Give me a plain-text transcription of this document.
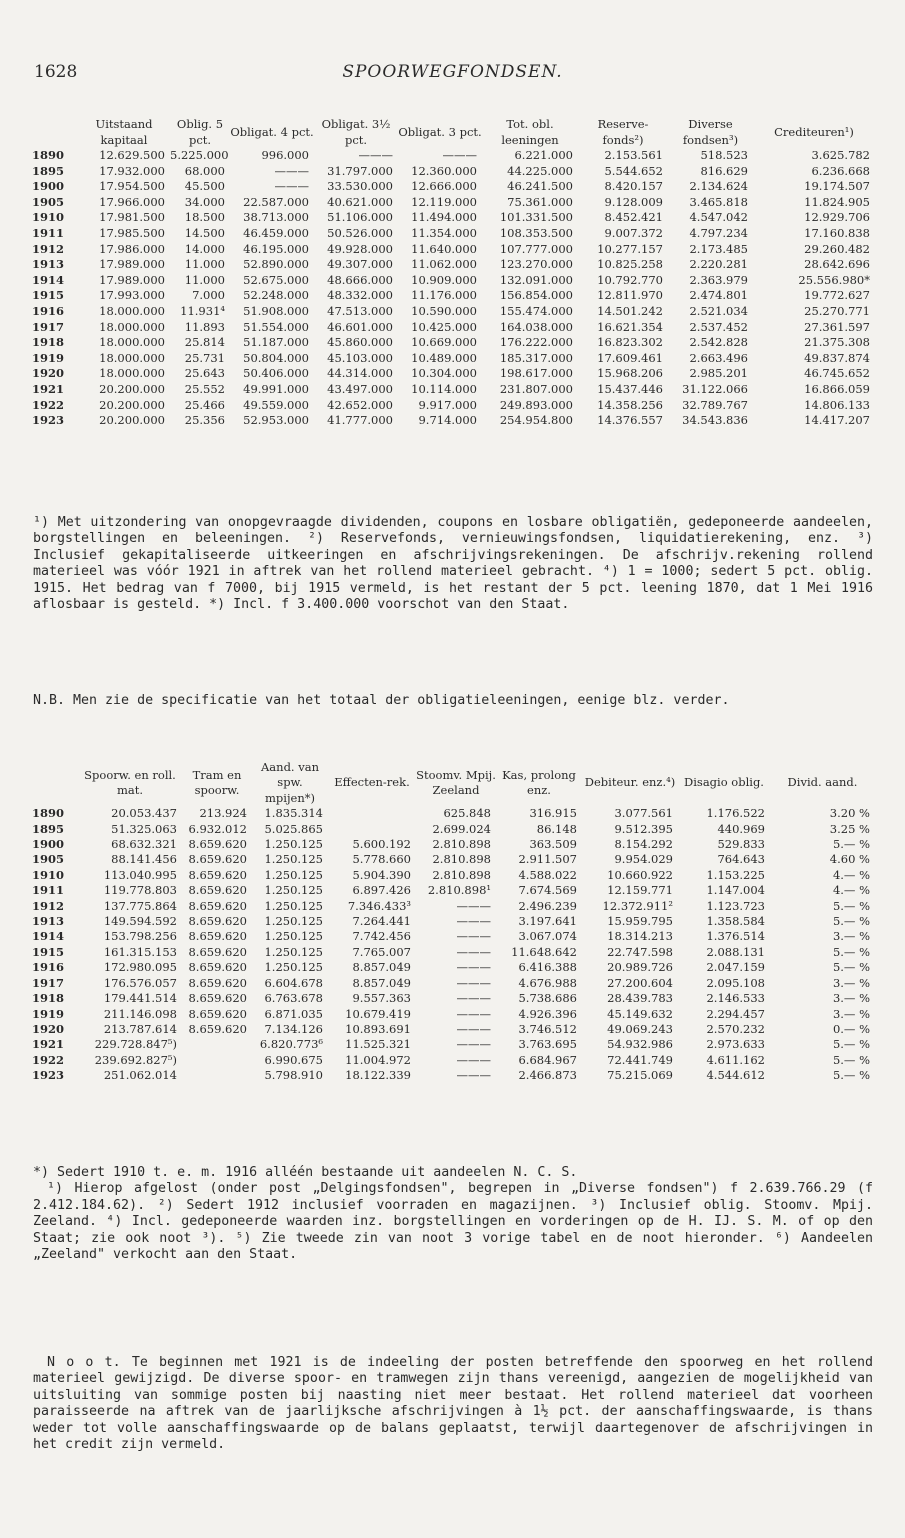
1628	SPOORWEGFONDSEN.
	Uitstaand kapitaal	Oblig. 5 pct.	Obligat. 4 pct.	Obligat. 3½ pct.	Obligat. 3 pct.	Tot. obl. leeningen	Reserve-fonds²)	Diverse fondsen³)	Crediteuren¹)
1890	12.629.500	5.225.000	996.000	———	———	6.221.000	2.153.561	518.523	3.625.782
1895	17.932.000	68.000	———	31.797.000	12.360.000	44.225.000	5.544.652	816.629	6.236.668
1900	17.954.500	45.500	———	33.530.000	12.666.000	46.241.500	8.420.157	2.134.624	19.174.507
1905	17.966.000	34.000	22.587.000	40.621.000	12.119.000	75.361.000	9.128.009	3.465.818	11.824.905
1910	17.981.500	18.500	38.713.000	51.106.000	11.494.000	101.331.500	8.452.421	4.547.042	12.929.706
1911	17.985.500	14.500	46.459.000	50.526.000	11.354.000	108.353.500	9.007.372	4.797.234	17.160.838
1912	17.986.000	14.000	46.195.000	49.928.000	11.640.000	107.777.000	10.277.157	2.173.485	29.260.482
1913	17.989.000	11.000	52.890.000	49.307.000	11.062.000	123.270.000	10.825.258	2.220.281	28.642.696
1914	17.989.000	11.000	52.675.000	48.666.000	10.909.000	132.091.000	10.792.770	2.363.979	25.556.980*
1915	17.993.000	7.000	52.248.000	48.332.000	11.176.000	156.854.000	12.811.970	2.474.801	19.772.627
1916	18.000.000	11.931⁴	51.908.000	47.513.000	10.590.000	155.474.000	14.501.242	2.521.034	25.270.771
1917	18.000.000	11.893	51.554.000	46.601.000	10.425.000	164.038.000	16.621.354	2.537.452	27.361.597
1918	18.000.000	25.814	51.187.000	45.860.000	10.669.000	176.222.000	16.823.302	2.542.828	21.375.308
1919	18.000.000	25.731	50.804.000	45.103.000	10.489.000	185.317.000	17.609.461	2.663.496	49.837.874
1920	18.000.000	25.643	50.406.000	44.314.000	10.304.000	198.617.000	15.968.206	2.985.201	46.745.652
1921	20.200.000	25.552	49.991.000	43.497.000	10.114.000	231.807.000	15.437.446	31.122.066	16.866.059
1922	20.200.000	25.466	49.559.000	42.652.000	9.917.000	249.893.000	14.358.256	32.789.767	14.806.133
1923	20.200.000	25.356	52.953.000	41.777.000	9.714.000	254.954.800	14.376.557	34.543.836	14.417.207

¹) Met uitzondering van onopgevraagde dividenden, coupons en losbare obligatiën, gedeponeerde aandeelen, borgstellingen en beleeningen. ²) Reservefonds, vernieuwingsfondsen, liquidatierekening, enz. ³) Inclusief gekapitaliseerde uitkeeringen en afschrijvingsrekeningen. De afschrijv.rekening rollend materieel was vóór 1921 in aftrek van het rollend materieel gebracht. ⁴) 1 = 1000; sedert 5 pct. oblig. 1915. Het bedrag van f 7000, bij 1915 vermeld, is het restant der 5 pct. leening 1870, dat 1 Mei 1916 aflosbaar is gesteld. *) Incl. f 3.400.000 voorschot van den Staat.

N.B. Men zie de specificatie van het totaal der obligatieleeningen, eenige blz. verder.

	Spoorw. en roll. mat.	Tram en spoorw.	Aand. van spw. mpijen*)	Effecten-rek.	Stoomv. Mpij. Zeeland	Kas, prolong enz.	Debiteur. enz.⁴)	Disagio oblig.	Divid. aand.
1890	20.053.437	213.924	1.835.314		625.848	316.915	3.077.561	1.176.522	3.20 %
1895	51.325.063	6.932.012	5.025.865		2.699.024	86.148	9.512.395	440.969	3.25 %
1900	68.632.321	8.659.620	1.250.125	5.600.192	2.810.898	363.509	8.154.292	529.833	5.— %
1905	88.141.456	8.659.620	1.250.125	5.778.660	2.810.898	2.911.507	9.954.029	764.643	4.60 %
1910	113.040.995	8.659.620	1.250.125	5.904.390	2.810.898	4.588.022	10.660.922	1.153.225	4.— %
1911	119.778.803	8.659.620	1.250.125	6.897.426	2.810.898¹	7.674.569	12.159.771	1.147.004	4.— %
1912	137.775.864	8.659.620	1.250.125	7.346.433³	———	2.496.239	12.372.911²	1.123.723	5.— %
1913	149.594.592	8.659.620	1.250.125	7.264.441	———	3.197.641	15.959.795	1.358.584	5.— %
1914	153.798.256	8.659.620	1.250.125	7.742.456	———	3.067.074	18.314.213	1.376.514	3.— %
1915	161.315.153	8.659.620	1.250.125	7.765.007	———	11.648.642	22.747.598	2.088.131	5.— %
1916	172.980.095	8.659.620	1.250.125	8.857.049	———	6.416.388	20.989.726	2.047.159	5.— %
1917	176.576.057	8.659.620	6.604.678	8.857.049	———	4.676.988	27.200.604	2.095.108	3.— %
1918	179.441.514	8.659.620	6.763.678	9.557.363	———	5.738.686	28.439.783	2.146.533	3.— %
1919	211.146.098	8.659.620	6.871.035	10.679.419	———	4.926.396	45.149.632	2.294.457	3.— %
1920	213.787.614	8.659.620	7.134.126	10.893.691	———	3.746.512	49.069.243	2.570.232	0.— %
1921	229.728.847⁵)		6.820.773⁶	11.525.321	———	3.763.695	54.932.986	2.973.633	5.— %
1922	239.692.827⁵)		6.990.675	11.004.972	———	6.684.967	72.441.749	4.611.162	5.— %
1923	251.062.014		5.798.910	18.122.339	———	2.466.873	75.215.069	4.544.612	5.— %

*) Sedert 1910 t. e. m. 1916 alléén bestaande uit aandeelen N. C. S.

¹) Hierop afgelost (onder post „Delgingsfondsen", begrepen in „Diverse fondsen") f 2.639.766.29 (f 2.412.184.62). ²) Sedert 1912 inclusief voorraden en magazijnen. ³) Inclusief oblig. Stoomv. Mpij. Zeeland. ⁴) Incl. gedeponeerde waarden inz. borgstellingen en vorderingen op de H. IJ. S. M. of op den Staat; zie ook noot ³). ⁵) Zie tweede zin van noot 3 vorige tabel en de noot hieronder. ⁶) Aandeelen „Zeeland" verkocht aan den Staat.

N o o t. Te beginnen met 1921 is de indeeling der posten betreffende den spoorweg en het rollend materieel gewijzigd. De diverse spoor- en tramwegen zijn thans vereenigd, aangezien de mogelijkheid van uitsluiting van sommige posten bij naasting niet meer bestaat. Het rollend materieel dat voorheen paraisseerde na aftrek van de jaarlijksche afschrijvingen à 1½ pct. der aanschaffingswaarde, is thans weder tot volle aanschaffingswaarde op de balans geplaatst, terwijl daartegenover de afschrijvingen in het credit zijn vermeld.
